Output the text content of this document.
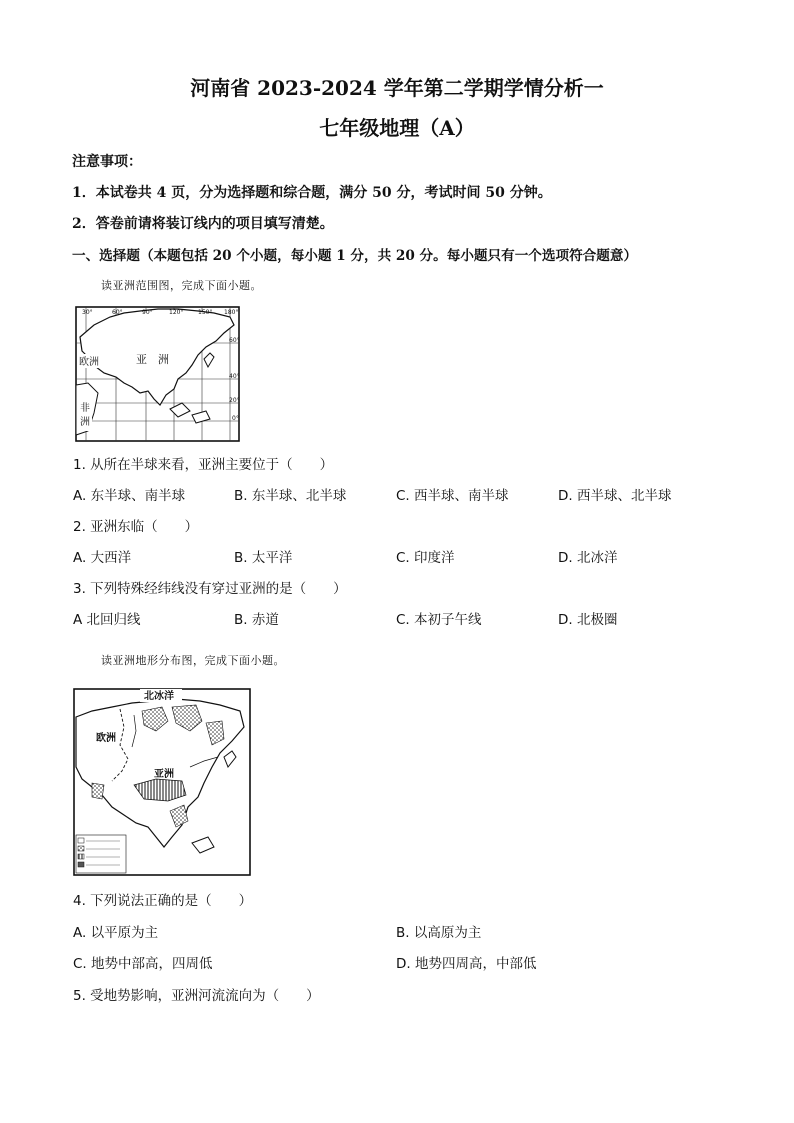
河南省 2023-2024 学年第二学期学情分析一
七年级地理（A）
注意事项：
1．本试卷共 4 页，分为选择题和综合题，满分 50 分，考试时间 50 分钟。
2．答卷前请将装订线内的项目填写清楚。
一、选择题（本题包括 20 个小题，每小题 1 分，共 20 分。每小题只有一个选项符合题意）
读亚洲范围图，完成下面小题。
30°	60°	90°	120° 150° 180°
60°
40°
20°
0°
亚　洲
欧洲
非
洲
1. 从所在半球来看，亚洲主要位于（　　）
A. 东半球、南半球	B. 东半球、北半球	C. 西半球、南半球	D. 西半球、北半球
2. 亚洲东临（　　）
A. 大西洋	B. 太平洋	C. 印度洋	D. 北冰洋
3. 下列特殊经纬线没有穿过亚洲的是（　　）
A 北回归线	B. 赤道	C. 本初子午线	D. 北极圈
读亚洲地形分布图，完成下面小题。
北冰洋
欧洲
亚洲
4. 下列说法正确的是（　　）
A. 以平原为主	B. 以高原为主
C. 地势中部高，四周低	D. 地势四周高，中部低
5. 受地势影响，亚洲河流流向为（　　）
